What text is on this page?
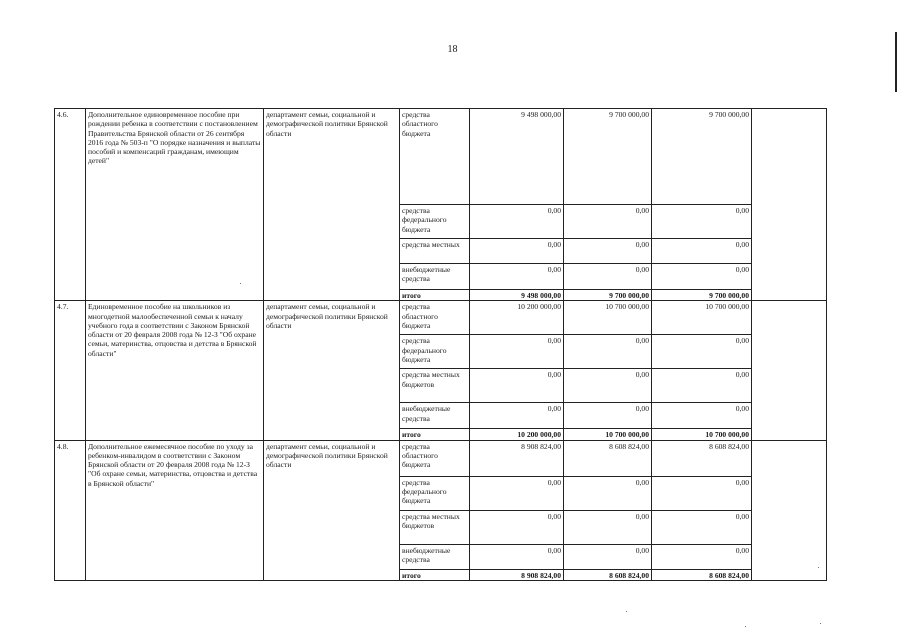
18
4.6.	Дополнительное единовременное пособие при рождении ребенка в соответствии с постановлением Правительства Брянской области от 26 сентября 2016 года № 503-п "О порядке назначения и выплаты пособий и компенсаций гражданам, имеющим детей"	департамент семьи, социальной и демографической политики Брянской области	средства областного бюджета	9 498 000,00	9 700 000,00	9 700 000,00	
			средства федерального бюджета	0,00	0,00	0,00	
			средства местных	0,00	0,00	0,00	
			внебюджетные средства	0,00	0,00	0,00	
			итого	9 498 000,00	9 700 000,00	9 700 000,00	
4.7.	Единовременное пособие на школьников из многодетной малообеспеченной семьи к началу учебного года в соответствии с Законом Брянской области от 20 февраля 2008 года № 12-З "Об охране семьи, материнства, отцовства и детства в Брянской области"	департамент семьи, социальной и демографической политики Брянской области	средства областного бюджета	10 200 000,00	10 700 000,00	10 700 000,00	
			средства федерального бюджета	0,00	0,00	0,00	
			средства местных бюджетов	0,00	0,00	0,00	
			внебюджетные средства	0,00	0,00	0,00	
			итого	10 200 000,00	10 700 000,00	10 700 000,00	
4.8.	Дополнительное ежемесячное пособие по уходу за ребенком-инвалидом в соответствии с Законом Брянской области от 20 февраля 2008 года № 12-З "Об охране семьи, материнства, отцовства и детства в Брянской области"	департамент семьи, социальной и демографической политики Брянской области	средства областного бюджета	8 908 824,00	8 608 824,00	8 608 824,00	
			средства федерального бюджета	0,00	0,00	0,00	
			средства местных бюджетов	0,00	0,00	0,00	
			внебюджетные средства	0,00	0,00	0,00	
			итого	8 908 824,00	8 608 824,00	8 608 824,00	
